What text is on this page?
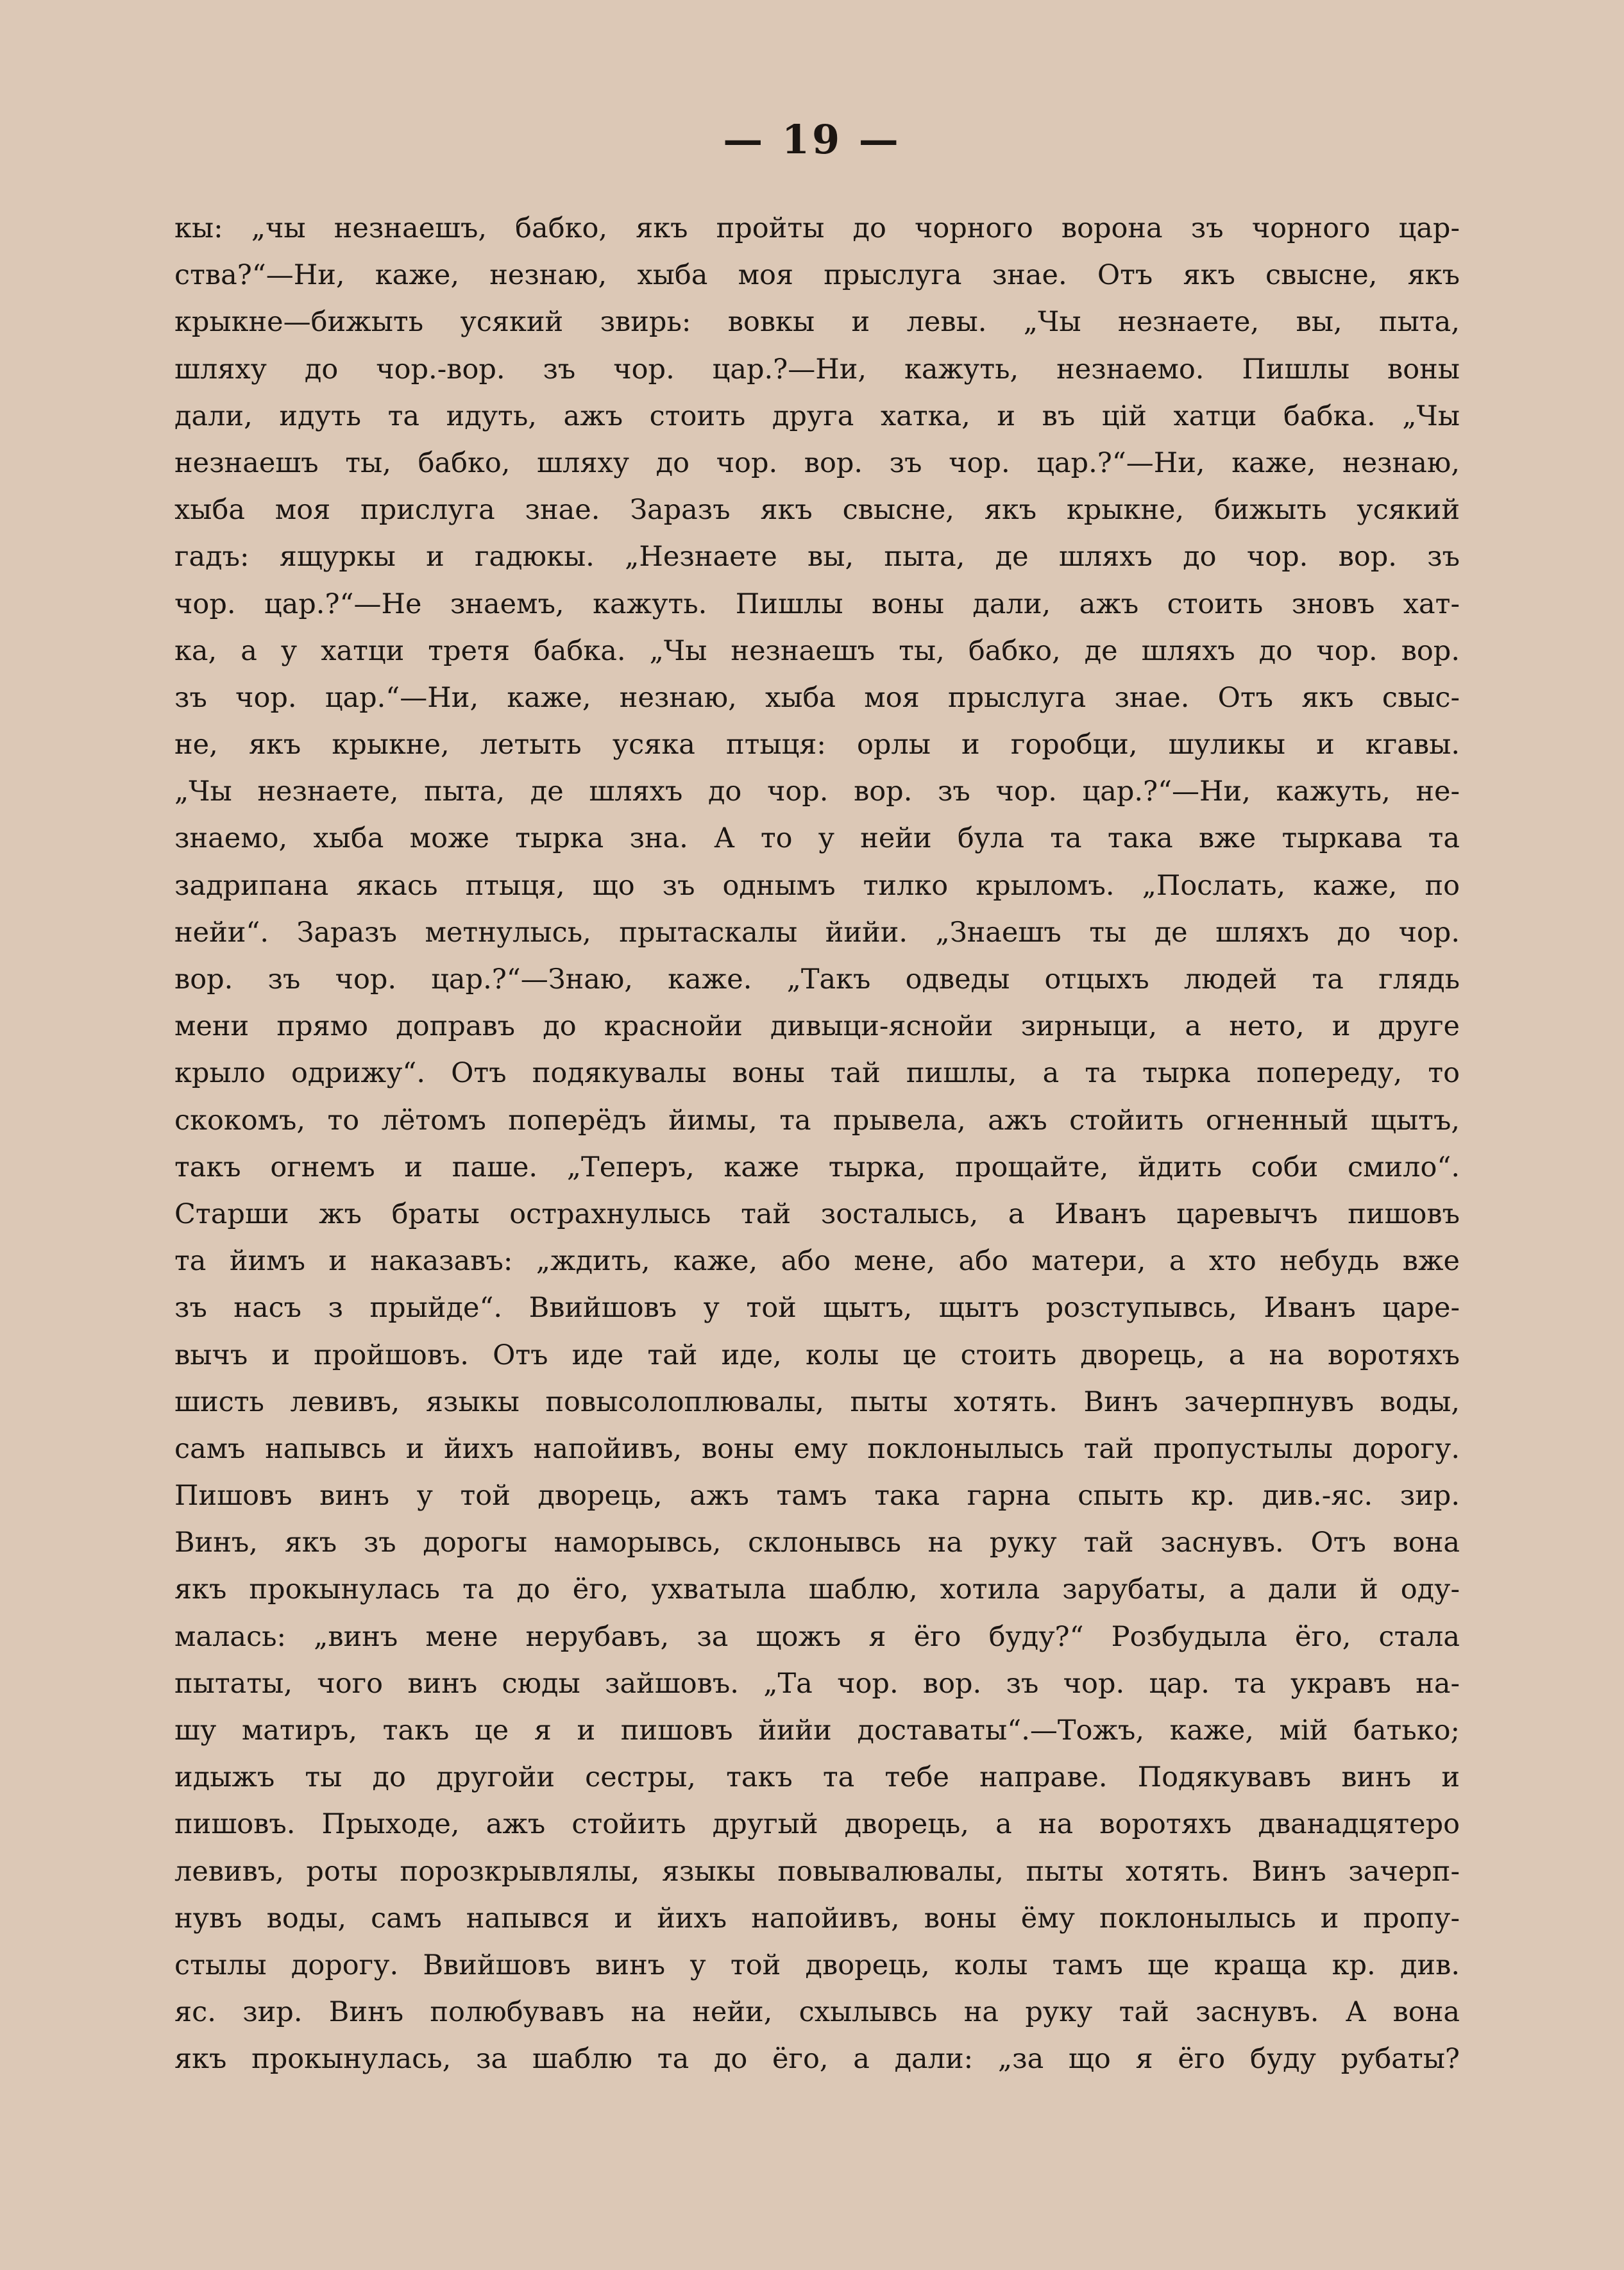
— 19 —
кы: „чы незнаешъ, бабко, якъ пройты до чорного ворона зъ чорного цар-
ства?“—Ни, каже, незнаю, хыба моя прыслуга знае. Отъ якъ свысне, якъ
крыкне—бижыть усякий звирь: вовкы и левы. „Чы незнаете, вы, пыта,
шляху до чор.-вор. зъ чор. цар.?—Ни, кажуть, незнаемо. Пишлы воны
дали, идуть та идуть, ажъ стоить друга хатка, и въ цій хатци бабка. „Чы
незнаешъ ты, бабко, шляху до чор. вор. зъ чор. цар.?“—Ни, каже, незнаю,
хыба моя прислуга знае. Заразъ якъ свысне, якъ крыкне, бижыть усякий
гадъ: ящуркы и гадюкы. „Незнаете вы, пыта, де шляхъ до чор. вор. зъ
чор. цар.?“—Не знаемъ, кажуть. Пишлы воны дали, ажъ стоить зновъ хат-
ка, а у хатци третя бабка. „Чы незнаешъ ты, бабко, де шляхъ до чор. вор.
зъ чор. цар.“—Ни, каже, незнаю, хыба моя прыслуга знае. Отъ якъ свыс-
не, якъ крыкне, летыть усяка птыця: орлы и горобци, шуликы и кгавы.
„Чы незнаете, пыта, де шляхъ до чор. вор. зъ чор. цар.?“—Ни, кажуть, не-
знаемо, хыба може тырка зна. А то у нейи була та така вже тыркава та
задрипана якась птыця, що зъ однымъ тилко крыломъ. „Послать, каже, по
нейи“. Заразъ метнулысь, прытаскалы йийи. „Знаешъ ты де шляхъ до чор.
вор. зъ чор. цар.?“—Знаю, каже. „Такъ одведы отцыхъ людей та глядь
мени прямо доправъ до краснойи дивыци-яснойи зирныци, а нето, и друге
крыло одрижу“. Отъ подякувалы воны тай пишлы, а та тырка попереду, то
скокомъ, то лётомъ поперёдъ йимы, та прывела, ажъ стойить огненный щытъ,
такъ огнемъ и паше. „Теперъ, каже тырка, прощайте, йдить соби смило“.
Старши жъ браты острахнулысь тай зосталысь, а Иванъ царевычъ пишовъ
та йимъ и наказавъ: „ждить, каже, або мене, або матери, а хто небудь вже
зъ насъ з прыйде“. Ввийшовъ у той щытъ, щытъ розступывсь, Иванъ царе-
вычъ и пройшовъ. Отъ иде тай иде, колы це стоить дворець, а на воротяхъ
шисть левивъ, языкы повысолоплювалы, пыты хотять. Винъ зачерпнувъ воды,
самъ напывсь и йихъ напойивъ, воны ему поклонылысь тай пропустылы дорогу.
Пишовъ винъ у той дворець, ажъ тамъ така гарна спыть кр. див.-яс. зир.
Винъ, якъ зъ дорогы наморывсь, склонывсь на руку тай заснувъ. Отъ вона
якъ прокынулась та до ёго, ухватыла шаблю, хотила зарубаты, а дали й оду-
малась: „винъ мене нерубавъ, за щожъ я ёго буду?“ Розбудыла ёго, стала
пытаты, чого винъ сюды зайшовъ. „Та чор. вор. зъ чор. цар. та укравъ на-
шу матиръ, такъ це я и пишовъ йийи доставаты“.—Тожъ, каже, мій батько;
идыжъ ты до другойи сестры, такъ та тебе направе. Подякувавъ винъ и
пишовъ. Прыходе, ажъ стойить другый дворець, а на воротяхъ дванадцятеро
левивъ, роты порозкрывлялы, языкы повывалювалы, пыты хотять. Винъ зачерп-
нувъ воды, самъ напывся и йихъ напойивъ, воны ёму поклонылысь и пропу-
стылы дорогу. Ввийшовъ винъ у той дворець, колы тамъ ще краща кр. див.
яс. зир. Винъ полюбувавъ на нейи, схылывсь на руку тай заснувъ. А вона
якъ прокынулась, за шаблю та до ёго, а дали: „за що я ёго буду рубаты?
